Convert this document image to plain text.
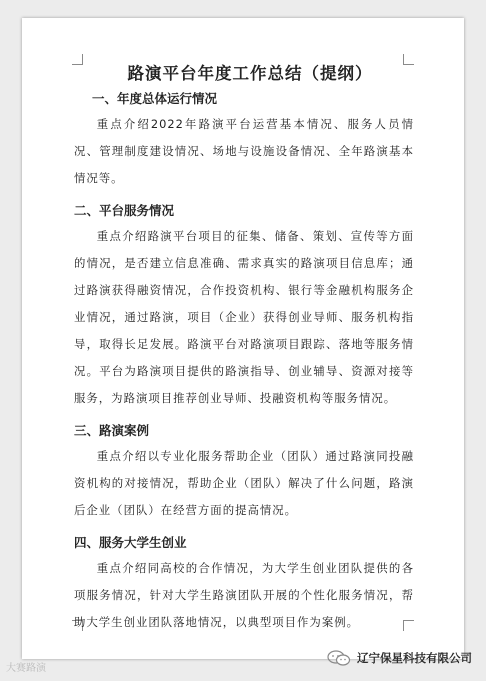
路演平台年度工作总结（提纲）
一、年度总体运行情况

重点介绍2022年路演平台运营基本情况、服务人员情况、管理制度建设情况、场地与设施设备情况、全年路演基本情况等。

二、平台服务情况

重点介绍路演平台项目的征集、储备、策划、宣传等方面的情况，是否建立信息准确、需求真实的路演项目信息库；通过路演获得融资情况，合作投资机构、银行等金融机构服务企业情况，通过路演，项目（企业）获得创业导师、服务机构指导，取得长足发展。路演平台对路演项目跟踪、落地等服务情况。平台为路演项目提供的路演指导、创业辅导、资源对接等服务，为路演项目推荐创业导师、投融资机构等服务情况。

三、路演案例

重点介绍以专业化服务帮助企业（团队）通过路演同投融资机构的对接情况，帮助企业（团队）解决了什么问题，路演后企业（团队）在经营方面的提高情况。

四、服务大学生创业

重点介绍同高校的合作情况，为大学生创业团队提供的各项服务情况，针对大学生路演团队开展的个性化服务情况，帮助大学生创业团队落地情况，以典型项目作为案例。

大赛路演
辽宁保星科技有限公司
